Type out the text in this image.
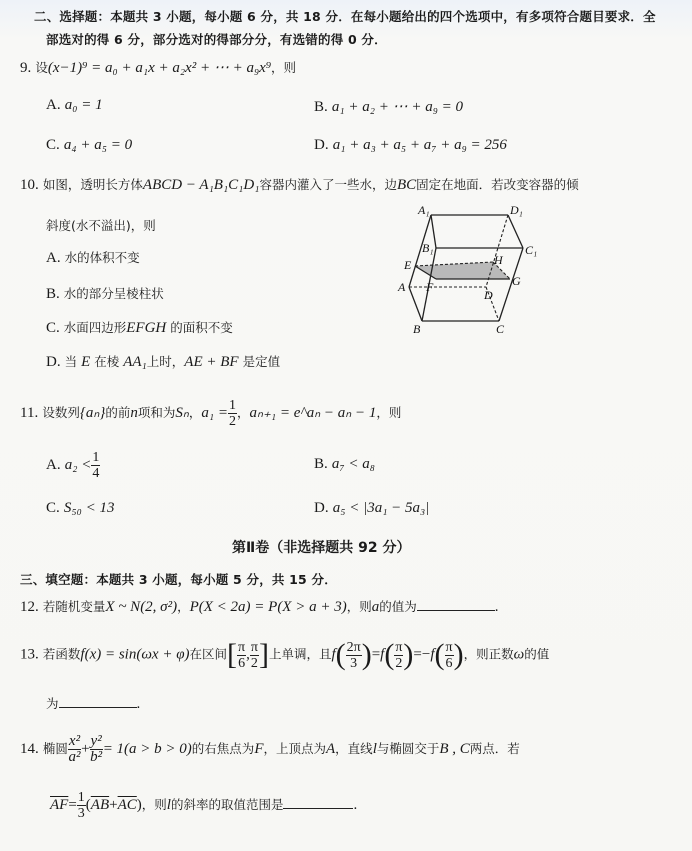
二、选择题：本题共 3 小题，每小题 6 分，共 18 分．在每小题给出的四个选项中，有多项符合题目要求．全
部选对的得 6 分，部分选对的得部分分，有选错的得 0 分．
9. 设(x−1)⁹ = a₀ + a₁x + a₂x² + ⋯ + a₉x⁹，则
A. a₀ = 1	B. a₁ + a₂ + ⋯ + a₉ = 0
C. a₄ + a₅ = 0	D. a₁ + a₃ + a₅ + a₇ + a₉ = 256
10. 如图，透明长方体ABCD − A₁B₁C₁D₁容器内灌入了一些水，边BC固定在地面．若改变容器的倾
斜度(水不溢出)，则
A. 水的体积不变
B. 水的部分呈棱柱状
C. 水面四边形EFGH 的面积不变
D. 当 E 在棱 AA₁上时，AE + BF 是定值
A₁	D₁
B₁	C₁
E	H
F	G
A
D
B	C
11. 设数列{aₙ}的前n项和为Sₙ，$a_1 = \frac{1}{2}$ ，aₙ₊₁ = e^aₙ − aₙ − 1，则
A. $a_2 < \frac{1}{4}$	B. a₇ < a₈
C. S₅₀ < 13	D. a₅ < |3a₁ − 5a₃|
第Ⅱ卷（非选择题共 92 分）
三、填空题：本题共 3 小题，每小题 5 分，共 15 分．
12. 若随机变量X ~ N(2, σ²)，P(X < 2a) = P(X > a + 3)，则a的值为	.
13. 若函数f(x) = sin(ωx + φ)在区间[ $\frac{\pi}{6}$ , $\frac{\pi}{2}$ ]上单调，且$f( \frac{2\pi}{3} )=f( \frac{\pi}{2} )=-f( \frac{\pi}{6}$ )，则正数ω的值
为	.
14. 椭圆 $\frac{\text{x²}}{\text{a²}} + \frac{\text{y²}}{\text{b²}} = 1(a > b > 0)$的右焦点为F，上顶点为A，直线l与椭圆交于B , C两点．若
$\overline{AF}= \frac{1}{3} (\overline{AB}+\overline{AC})$，则l的斜率的取值范围是	.
